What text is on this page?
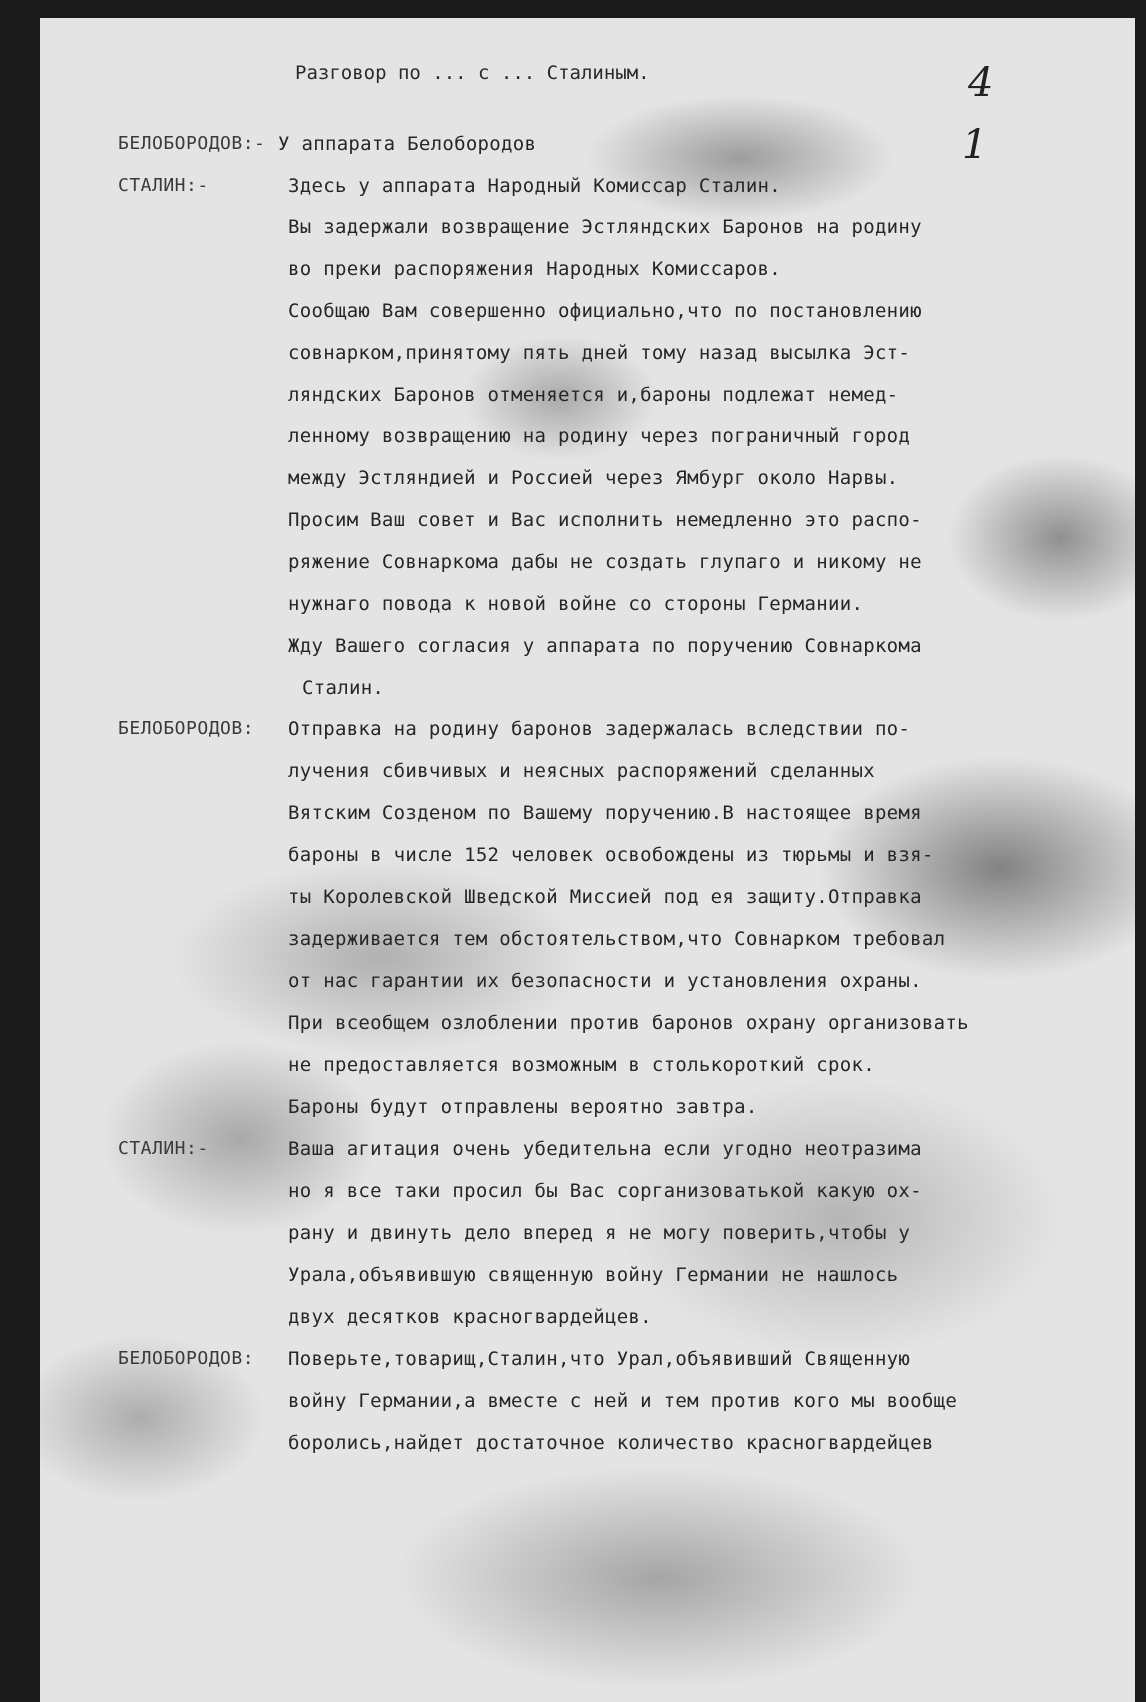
Разговор по ... с ... Сталиным.	4
1
БЕЛОБОРОДОВ:- У аппарата Белобородов
СТАЛИН:-	Здесь у аппарата Народный Комиссар Сталин.
Вы задержали возвращение Эстляндских Баронов на родину
во преки распоряжения Народных Комиссаров.
Сообщаю Вам совершенно официально,что по постановлению
совнарком,принятому пять дней тому назад высылка Эст-
ляндских Баронов отменяется и,бароны подлежат немед-
ленному возвращению на родину через пограничный город
между Эстляндией и Россией через Ямбург около Нарвы.
Просим Ваш совет и Вас исполнить немедленно это распо-
ряжение Совнаркома дабы не создать глупаго и никому не
нужнаго повода к новой войне со стороны Германии.
Жду Вашего согласия у аппарата по поручению Совнаркома
Сталин.
БЕЛОБОРОДОВ: Отправка на родину баронов задержалась вследствии по-
лучения сбивчивых и неясных распоряжений сделанных
Вятским Созденом по Вашему поручению.В настоящее время
бароны в числе 152 человек освобождены из тюрьмы и взя-
ты Королевской Шведской Миссией под ея защиту.Отправка
задерживается тем обстоятельством,что Совнарком требовал
от нас гарантии их безопасности и установления охраны.
При всеобщем озлоблении против баронов охрану организовать
не предоставляется возможным в столькороткий срок.
Бароны будут отправлены вероятно завтра.
СТАЛИН:-	Ваша агитация очень убедительна если угодно неотразима
но я все таки просил бы Вас сорганизоватькой какую ох-
рану и двинуть дело вперед я не могу поверить,чтобы у
Урала,объявившую священную войну Германии не нашлось
двух десятков красногвардейцев.
БЕЛОБОРОДОВ: Поверьте,товарищ,Сталин,что Урал,объявивший Священную
войну Германии,а вместе с ней и тем против кого мы вообще
боролись,найдет достаточное количество красногвардейцев
